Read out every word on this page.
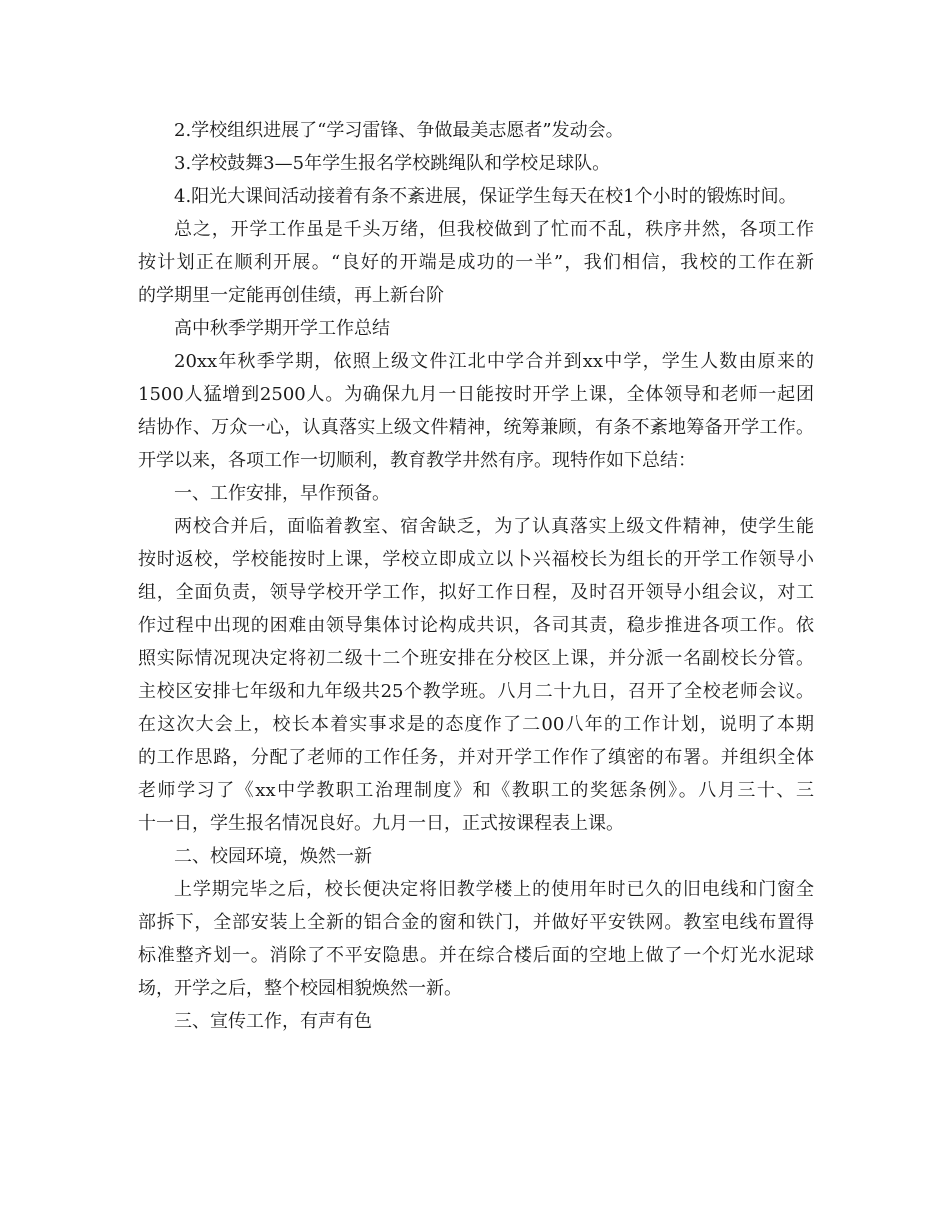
2.学校组织进展了“学习雷锋、争做最美志愿者”发动会。
3.学校鼓舞3—5年学生报名学校跳绳队和学校足球队。
4.阳光大课间活动接着有条不紊进展，保证学生每天在校1个小时的锻炼时间。
总之，开学工作虽是千头万绪，但我校做到了忙而不乱，秩序井然，各项工作
按计划正在顺利开展。“良好的开端是成功的一半”，我们相信，我校的工作在新
的学期里一定能再创佳绩，再上新台阶
高中秋季学期开学工作总结
20xx年秋季学期，依照上级文件江北中学合并到xx中学，学生人数由原来的
1500人猛增到2500人。为确保九月一日能按时开学上课，全体领导和老师一起团
结协作、万众一心，认真落实上级文件精神，统筹兼顾，有条不紊地筹备开学工作。
开学以来，各项工作一切顺利，教育教学井然有序。现特作如下总结：
一、工作安排，早作预备。
两校合并后，面临着教室、宿舍缺乏，为了认真落实上级文件精神，使学生能
按时返校，学校能按时上课，学校立即成立以卜兴福校长为组长的开学工作领导小
组，全面负责，领导学校开学工作，拟好工作日程，及时召开领导小组会议，对工
作过程中出现的困难由领导集体讨论构成共识，各司其责，稳步推进各项工作。依
照实际情况现决定将初二级十二个班安排在分校区上课，并分派一名副校长分管。
主校区安排七年级和九年级共25个教学班。八月二十九日，召开了全校老师会议。
在这次大会上，校长本着实事求是的态度作了二00八年的工作计划，说明了本期
的工作思路，分配了老师的工作任务，并对开学工作作了缜密的布署。并组织全体
老师学习了《xx中学教职工治理制度》和《教职工的奖惩条例》。八月三十、三
十一日，学生报名情况良好。九月一日，正式按课程表上课。
二、校园环境，焕然一新
上学期完毕之后，校长便决定将旧教学楼上的使用年时已久的旧电线和门窗全
部拆下，全部安装上全新的铝合金的窗和铁门，并做好平安铁网。教室电线布置得
标准整齐划一。消除了不平安隐患。并在综合楼后面的空地上做了一个灯光水泥球
场，开学之后，整个校园相貌焕然一新。
三、宣传工作，有声有色
